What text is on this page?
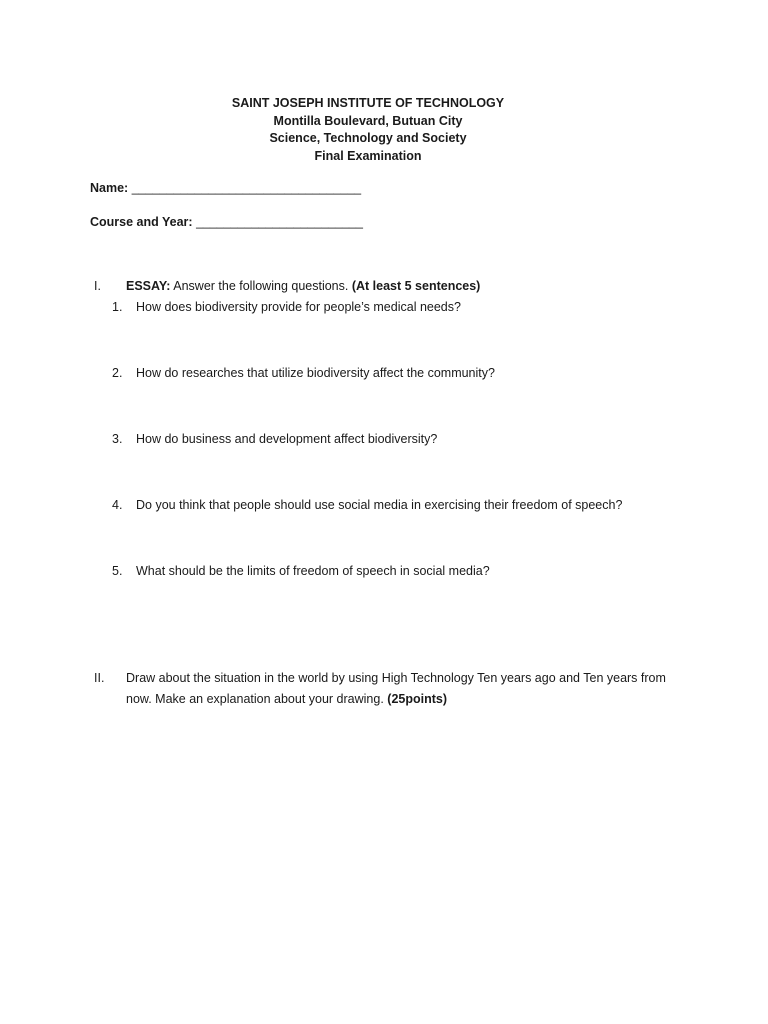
SAINT JOSEPH INSTITUTE OF TECHNOLOGY
Montilla Boulevard, Butuan City
Science, Technology and Society
Final Examination
Name: _________________________________
Course and Year: ________________________
I. ESSAY: Answer the following questions. (At least 5 sentences)
1. How does biodiversity provide for people’s medical needs?
2. How do researches that utilize biodiversity affect the community?
3. How do business and development affect biodiversity?
4. Do you think that people should use social media in exercising their freedom of speech?
5. What should be the limits of freedom of speech in social media?
II. Draw about the situation in the world by using High Technology Ten years ago and Ten years from now. Make an explanation about your drawing. (25points)
